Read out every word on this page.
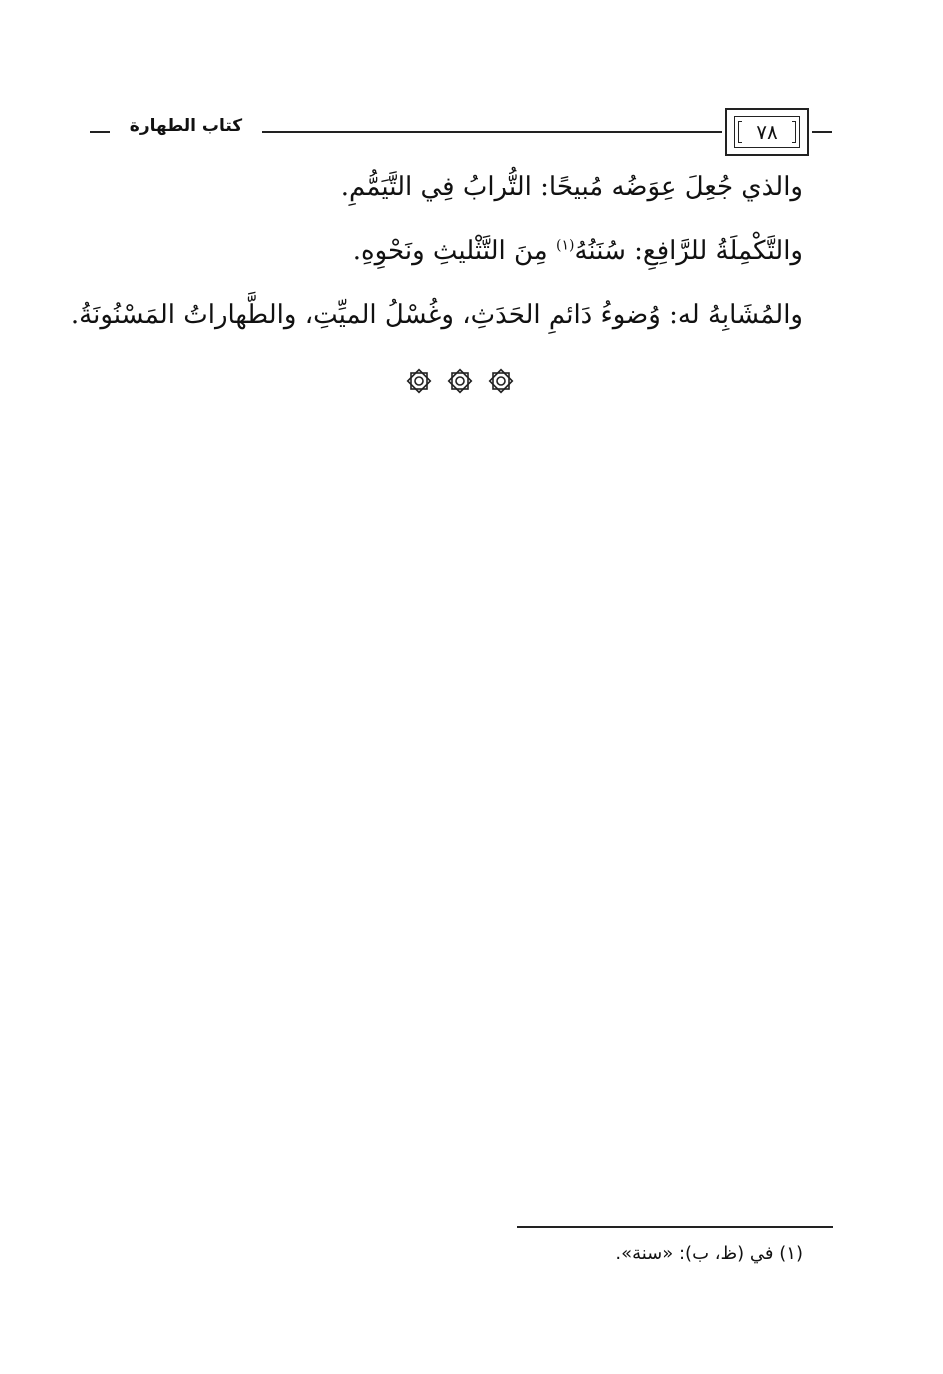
كتاب الطهارة	٧٨
والذي جُعِلَ عِوَضُه مُبيحًا: التُّرابُ فِي التَّيَمُّمِ.
والتَّكْمِلَةُ للرَّافِعِ: سُنَنُهُ$^{(١)}$ مِنَ التَّثْليثِ ونَحْوِهِ.
والمُشَابِهُ له: وُضوءُ دَائمِ الحَدَثِ، وغُسْلُ الميِّتِ، والطَّهاراتُ المَسْنُونَةُ.
(١) في (ظ، ب): «سنة».
